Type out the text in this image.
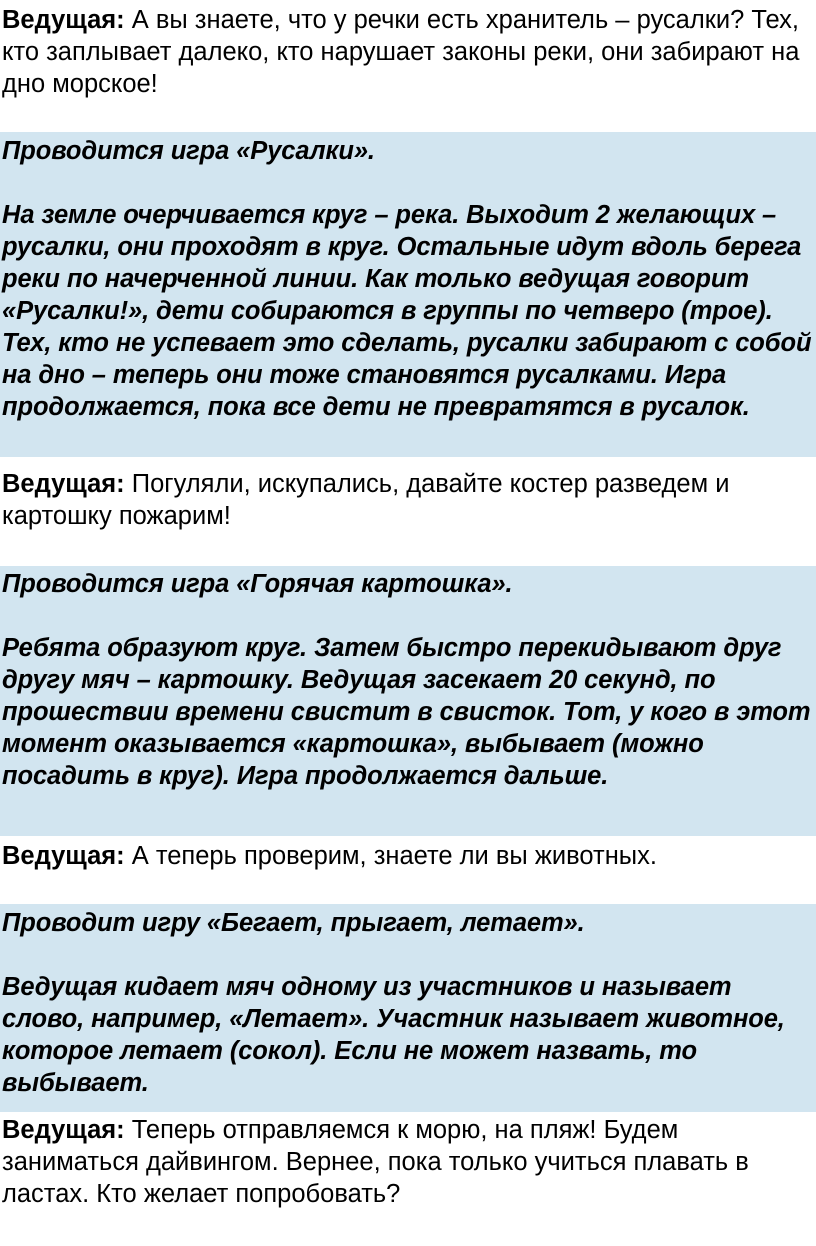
Ведущая: А вы знаете, что у речки есть хранитель – русалки? Тех, кто заплывает далеко, кто нарушает законы реки, они забирают на дно морское!

Проводится игра «Русалки».

На земле очерчивается круг – река. Выходит 2 желающих – русалки, они проходят в круг. Остальные идут вдоль берега реки по начерченной линии. Как только ведущая говорит «Русалки!», дети собираются в группы по четверо (трое). Тех, кто не успевает это сделать, русалки забирают с собой на дно – теперь они тоже становятся русалками. Игра продолжается, пока все дети не превратятся в русалок.

Ведущая: Погуляли, искупались, давайте костер разведем и картошку пожарим!

Проводится игра «Горячая картошка».

Ребята образуют круг. Затем быстро перекидывают друг другу мяч – картошку. Ведущая засекает 20 секунд, по прошествии времени свистит в свисток. Тот, у кого в этот момент оказывается «картошка», выбывает (можно посадить в круг). Игра продолжается дальше.

Ведущая: А теперь проверим, знаете ли вы животных.

Проводит игру «Бегает, прыгает, летает».

Ведущая кидает мяч одному из участников и называет слово, например, «Летает». Участник называет животное, которое летает (сокол). Если не может назвать, то выбывает.

Ведущая: Теперь отправляемся к морю, на пляж! Будем заниматься дайвингом. Вернее, пока только учиться плавать в ластах. Кто желает попробовать?
